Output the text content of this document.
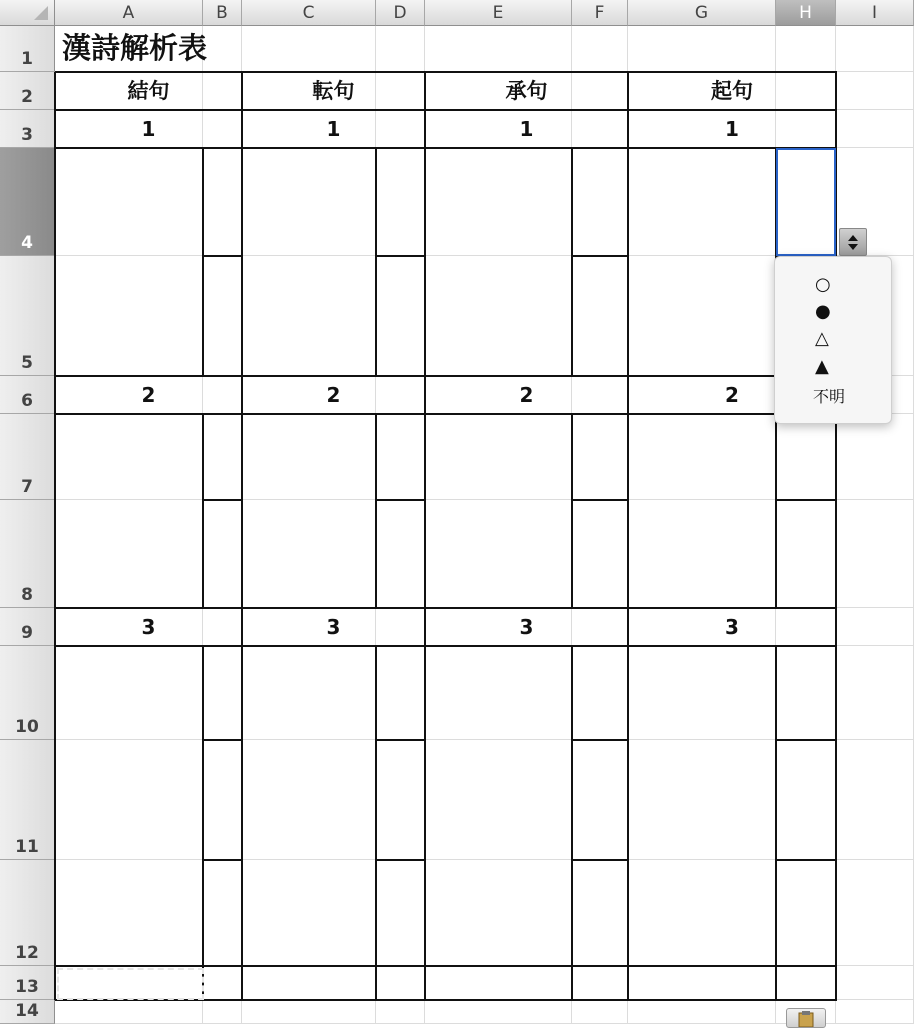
A	B	C	D	E	F	G	H	I
1
2
3
4
5
6
7
8
9
10
11
12
13
14
結句	転句	承句	起句
1	1	1	1
2	2	2	2
3	3	3	3
漢詩解析表
○
●
△
▲
不明
